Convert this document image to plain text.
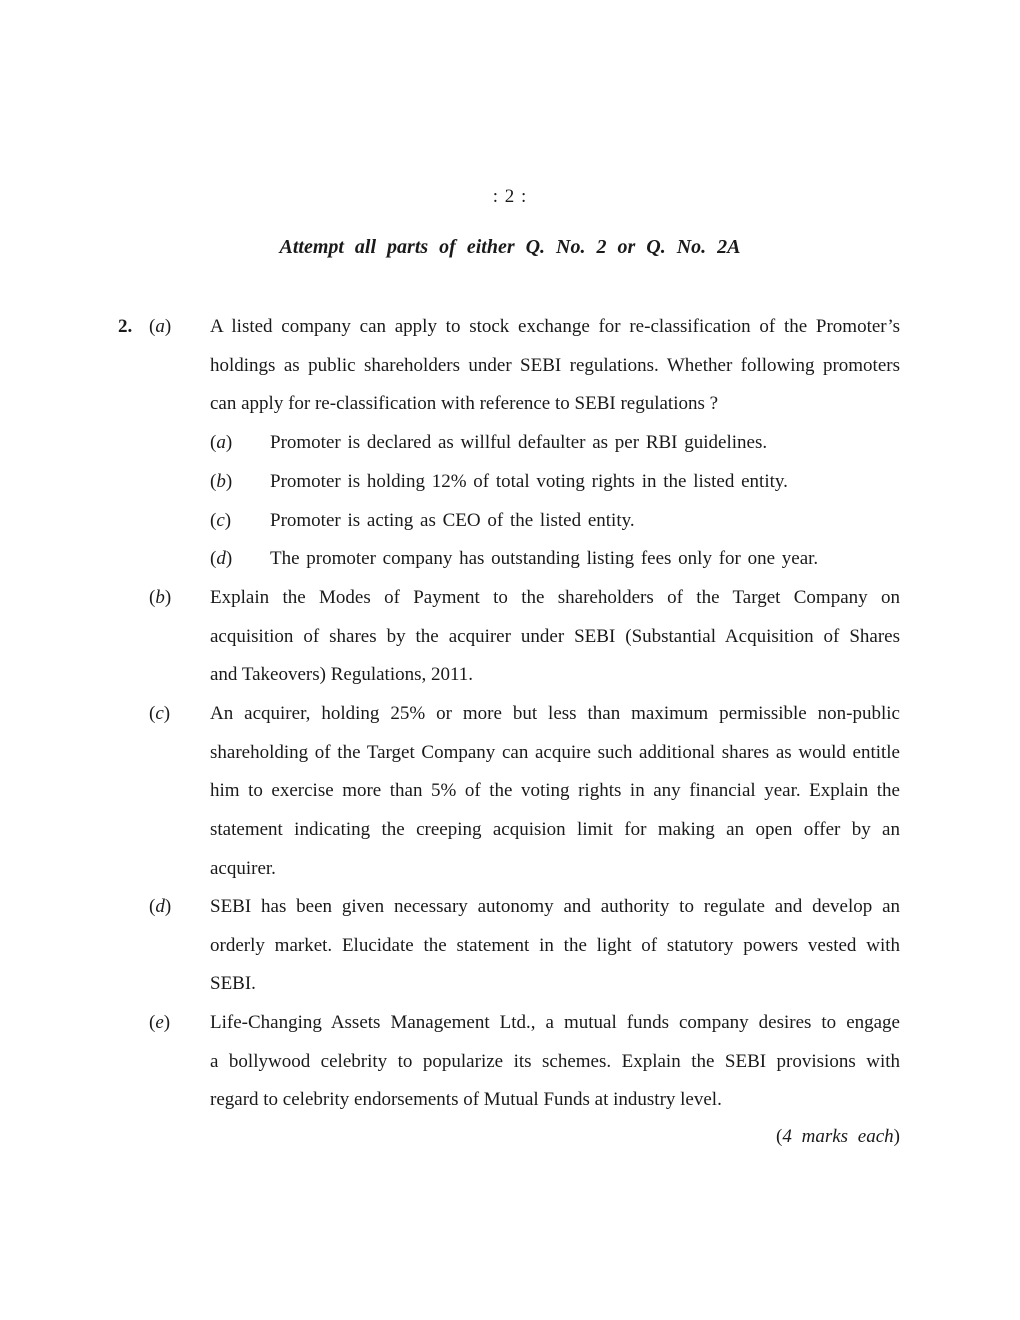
: 2 :
Attempt all parts of either Q. No. 2 or Q. No. 2A
2. (a) A listed company can apply to stock exchange for re-classification of the Promoter’s
holdings as public shareholders under SEBI regulations. Whether following promoters
can apply for re-classification with reference to SEBI regulations ?
(a) Promoter is declared as willful defaulter as per RBI guidelines.
(b) Promoter is holding 12% of total voting rights in the listed entity.
(c) Promoter is acting as CEO of the listed entity.
(d) The promoter company has outstanding listing fees only for one year.
(b) Explain the Modes of Payment to the shareholders of the Target Company on
acquisition of shares by the acquirer under SEBI (Substantial Acquisition of Shares
and Takeovers) Regulations, 2011.
(c) An acquirer, holding 25% or more but less than maximum permissible non-public
shareholding of the Target Company can acquire such additional shares as would entitle
him to exercise more than 5% of the voting rights in any financial year. Explain the
statement indicating the creeping acquision limit for making an open offer by an
acquirer.
(d) SEBI has been given necessary autonomy and authority to regulate and develop an
orderly market. Elucidate the statement in the light of statutory powers vested with
SEBI.
(e) Life-Changing Assets Management Ltd., a mutual funds company desires to engage
a bollywood celebrity to popularize its schemes. Explain the SEBI provisions with
regard to celebrity endorsements of Mutual Funds at industry level.
(4 marks each)
